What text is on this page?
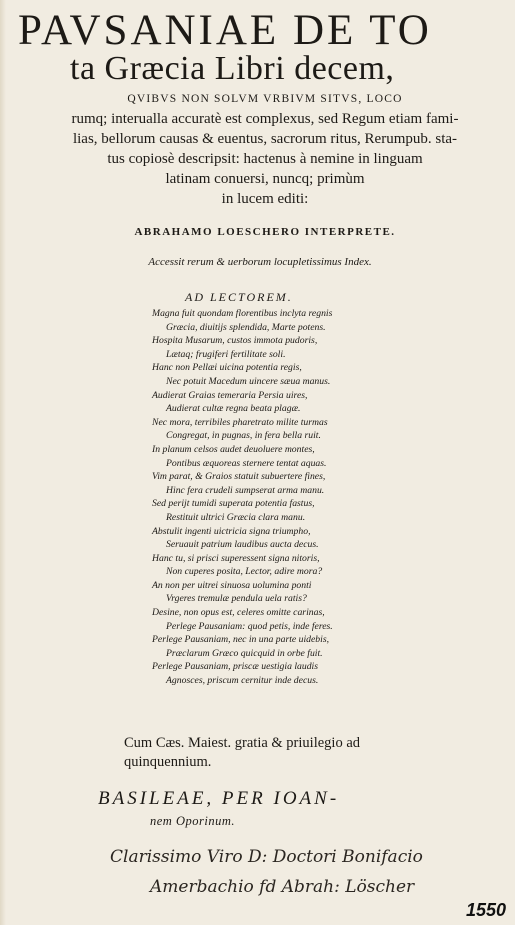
PAVSANIAE DE TO
ta Græcia Libri decem,
QVIBVS NON SOLVM VRBIVM SITVS, LOCO
rumq; interualla accuratè est complexus, sed Regum etiam fami-
lias, bellorum causas & euentus, sacrorum ritus, Rerumpub. sta-
tus copiosè descripsit: hactenus à nemine in linguam
latinam conuersi, nuncq; primùm
in lucem editi:
ABRAHAMO LOESCHERO INTERPRETE.
Accessit rerum & uerborum locupletissimus Index.
AD LECTOREM.
Magna fuit quondam florentibus inclyta regnis
Græcia, diuitijs splendida, Marte potens.
Hospita Musarum, custos immota pudoris,
Lætaq; frugiferi fertilitate soli.
Hanc non Pellæi uicina potentia regis,
Nec potuit Macedum uincere sæua manus.
Audierat Graias temeraria Persia uires,
Audierat cultæ regna beata plagæ.
Nec mora, terribiles pharetrato milite turmas
Congregat, in pugnas, in fera bella ruit.
In planum celsos audet deuoluere montes,
Pontibus æquoreas sternere tentat aquas.
Vim parat, & Graios statuit subuertere fines,
Hinc fera crudeli sumpserat arma manu.
Sed perijt tumidi superata potentia fastus,
Restituit ultrici Græcia clara manu.
Abstulit ingenti uictricia signa triumpho,
Seruauit patrium laudibus aucta decus.
Hanc tu, si prisci superessent signa nitoris,
Non cuperes posita, Lector, adire mora?
An non per uitrei sinuosa uolumina ponti
Vrgeres tremulæ pendula uela ratis?
Desine, non opus est, celeres omitte carinas,
Perlege Pausaniam: quod petis, inde feres.
Perlege Pausaniam, nec in una parte uidebis,
Præclarum Græco quicquid in orbe fuit.
Perlege Pausaniam, priscæ uestigia laudis
Agnosces, priscum cernitur inde decus.
Cum Cæs. Maiest. gratia & priuilegio ad
quinquennium.
BASILEAE, PER IOAN-
nem Oporinum.
Clarissimo Viro D: Doctori Bonifacio
Amerbachio fd Abrah: Löscher
1550
